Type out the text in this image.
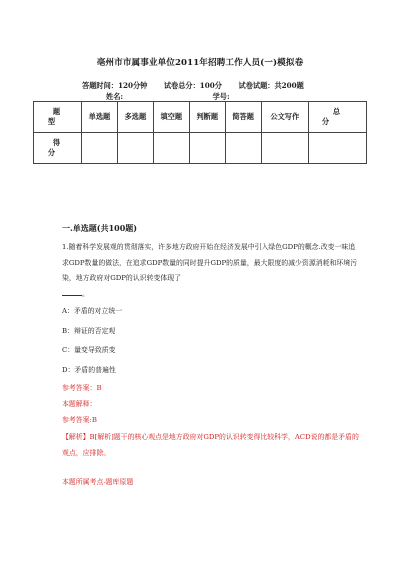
亳州市市属事业单位2011年招聘工作人员(一)模拟卷
答题时间：120分钟 试卷总分：100分 试卷试题：共200题
姓名:	学号:
题型	单选题	多选题	填空题	判断题	简答题	公文写作	总分
得分							
一.单选题(共100题)
1.随着科学发展观的贯彻落实，许多地方政府开始在经济发展中引入绿色GDP的概念.改变一味追求GDP数量的做法，在追求GDP数量的同时提升GDP的质量，最大限度的减少资源消耗和环境污染，地方政府对GDP的认识转变体现了
。
A：矛盾的对立统一
B：辩证的否定观
C：量变导致质变
D：矛盾的普遍性
参考答案：B
本题解释：
参考答案:B
【解析】B[解析]题干的核心观点是地方政府对GDP的认识转变得比较科学，ACD说的都是矛盾的观点，应排除。
本题所属考点-题库原题
